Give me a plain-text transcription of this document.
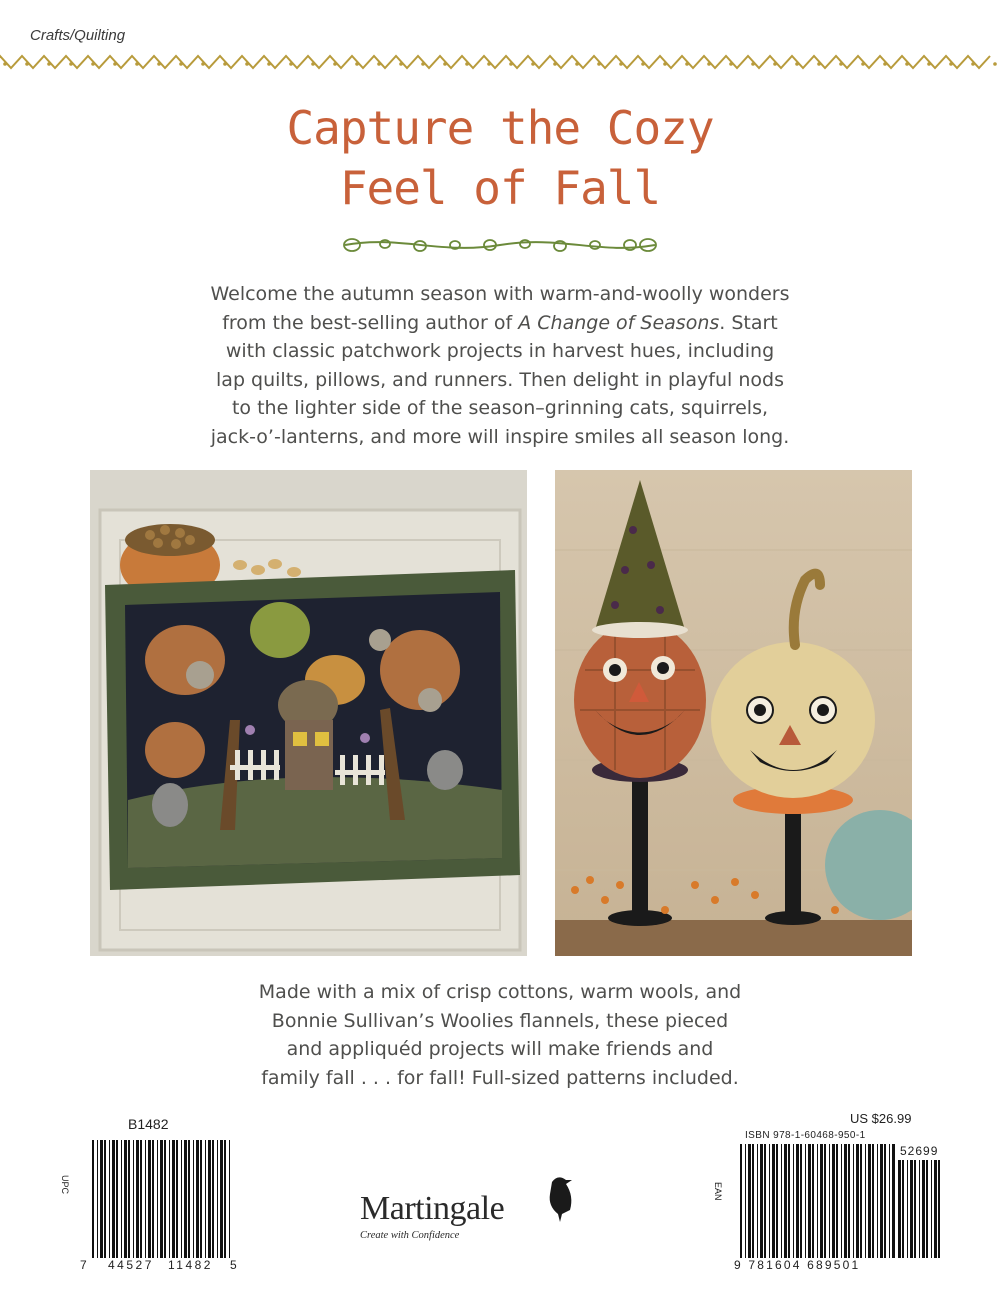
Crafts/Quilting
Capture the Cozy
Feel of Fall
Welcome the autumn season with warm-and-woolly wonders
from the best-selling author of A Change of Seasons. Start
with classic patchwork projects in harvest hues, including
lap quilts, pillows, and runners. Then delight in playful nods
to the lighter side of the season–grinning cats, squirrels,
jack-o’-lanterns, and more will inspire smiles all season long.
Made with a mix of crisp cottons, warm wools, and
Bonnie Sullivan’s Woolies flannels, these pieced
and appliquéd projects will make friends and
family fall . . . for fall! Full-sized patterns included.
B1482
UPC
7 44527 11482 5
Martingale
Create with Confidence
US $26.99
ISBN 978-1-60468-950-1
EAN
52699
9 781604 689501
